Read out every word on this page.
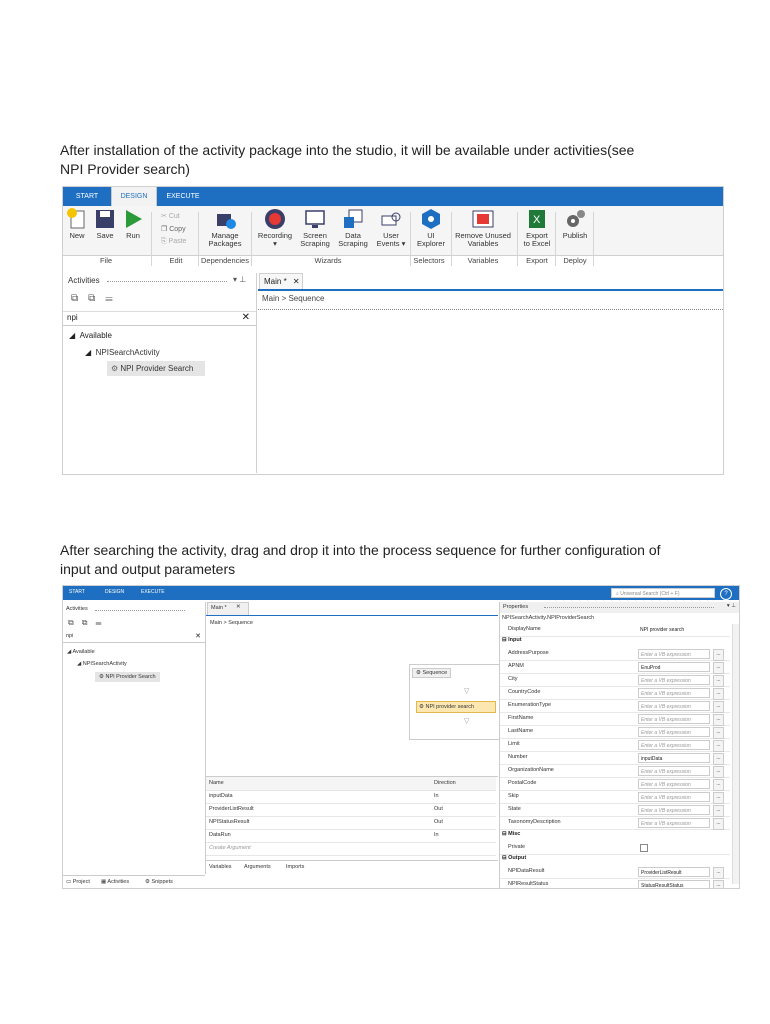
After installation of the activity package into the studio, it will be available under activities(see
NPI Provider search)
START	DESIGN	EXECUTE
New	Save	Run
✂ Cut
❐ Copy
⎘ Paste
Manage
Packages
Recording
▾
Screen
Scraping
Data
Scraping
User
Events ▾
UI
Explorer
Remove Unused
Variables
X
Export
to Excel
Publish
File	Edit	Dependencies	Wizards	Selectors	Variables	Export	Deploy
Activities	▾ ⊥
⧉⧉☰
npi	✕
◢  Available
◢  NPISearchActivity
⚙ NPI Provider Search
Main * ✕
Main > Sequence
After searching the activity, drag and drop it into the process sequence for further configuration of
input and output parameters
START	DESIGN	EXECUTE	⌕ Universal Search (Ctrl + F)	?
Activities
⧉⧉☰
npi	✕
◢ Available
◢ NPISearchActivity
⚙ NPI Provider Search
▭ Project ▦ Activities	⚙ Snippets
Main * ✕
Main > Sequence
⚙ Sequence
▽
⚙ NPI provider search
▽
Name	Direction
inputData	In
ProviderListResult	Out
NPIStatusResult	Out
DataRun	In
Create Argument
Variables Arguments	Imports
Properties	▾ ⊥
NPISearchActivity.NPIProviderSearch
DisplayName	NPI provider search
⊟ Input
AddressPurpose	Enter a VB expression	...
APNM	EnuProd	...
City	Enter a VB expression	...
CountryCode	Enter a VB expression	...
EnumerationType	Enter a VB expression	...
FirstName	Enter a VB expression	...
LastName	Enter a VB expression	...
Limit	Enter a VB expression	...
Number	inputData	...
OrganizationName	Enter a VB expression	...
PostalCode	Enter a VB expression	...
Skip	Enter a VB expression	...
State	Enter a VB expression	...
TaxonomyDescription	Enter a VB expression	...
⊟ Misc
Private
⊟ Output
NPIDataResult	ProviderListResult	...
NPIResultStatus	StatusResultStatus	...
